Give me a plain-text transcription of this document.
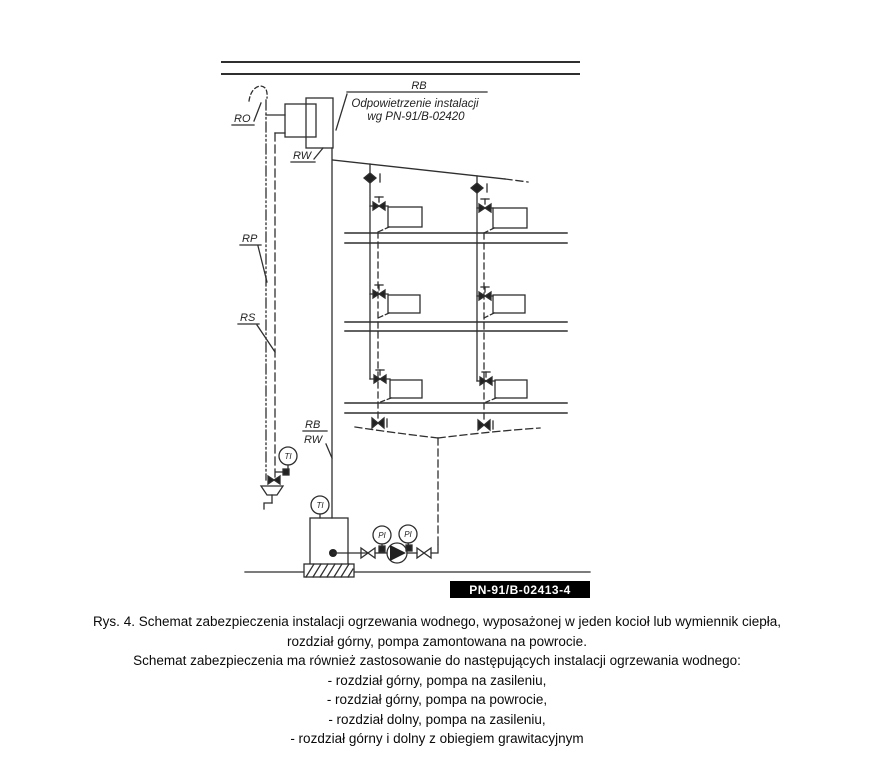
RB
Odpowietrzenie instalacji
wg PN-91/B-02420
RO
RP
RS
RW
RB
RW
TI
TI
PI PI
PN-91/B-02413-4
Rys. 4. Schemat zabezpieczenia instalacji ogrzewania wodnego, wyposażonej w jeden kocioł lub wymiennik ciepła,
rozdział górny, pompa zamontowana na powrocie.
Schemat zabezpieczenia ma również zastosowanie do następujących instalacji ogrzewania wodnego:
- rozdział górny, pompa na zasileniu,
- rozdział górny, pompa na powrocie,
- rozdział dolny, pompa na zasileniu,
- rozdział górny i dolny z obiegiem grawitacyjnym
